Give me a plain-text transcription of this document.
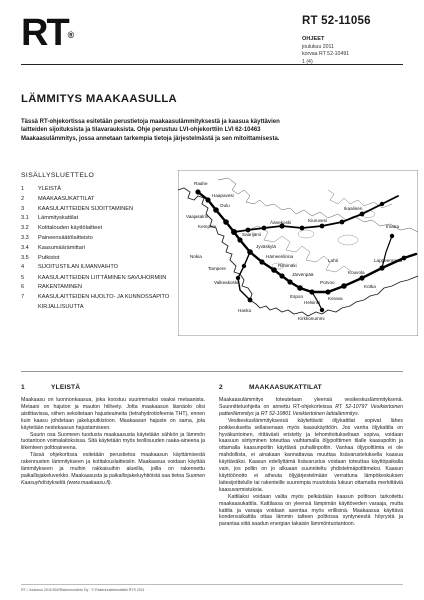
RT®
RT 52-11056
OHJEET
joulukuu 2011
korvaa RT 52-10491
1 (4)
LÄMMITYS MAAKAASULLA

Tässä RT-ohjekortissa esitetään perustietoja maakaasulämmityksestä ja kaasua käyttävien

laitteiden sijoituksista ja tilavarauksista. Ohje perustuu LVI-ohjekorttiin LVI 62-10463

Maakaasulämmitys, jossa annetaan tarkempia tietoja järjestelmästä ja sen mitoittamisesta.

SISÄLLYSLUETTELO
1	YLEISTÄ
2	MAAKAASUKATTILAT
3	KAASULAITTEIDEN SIJOITTAMINEN
3.1	Lämmityskattilat
3.2	Kotitalouden käyttölaitteet
3.3	Paineensäätölaitteisto
3.4	Kaasumäärämittari
3.5	Putkistot
4	SIJOITUSTILAN ILMANVAIHTO
5	KAASULAITTEIDEN LIITTÄMINEN SAVUHORMIIN
6	RAKENTAMINEN
7	KAASULAITTEIDEN HUOLTO- JA KUNNOSSAPITO
KIRJALLISUUTTA
Raahe
Haapavesi
Oulu
Vaajasalmi
Kempele
Saarijärvi
Äänekoski	Kiuruvesi
Jyväskylä
Hämeenlinna
Riihimäki
Järvenpää
Porvoo
Kouvola
Kotka
Lappeenranta
Imatra
Espoo
Helsinki
Kirkkonummi
Tampere
Valkeakoski
Lahti
Hanko
Kerava
Nokia
Ikaalinen
1	YLEISTÄ

Maakaasu on luonnonkaasua, joka koostuu suurimmaksi osaksi metaanista. Metaani on hajuton ja mauton hiilivety. Jotta maakaasun läsnäolo olisi aistittavissa, siihen sekoitetaan hajusteaineita (tetrahydrotiofeenia THT), ennen kuin kaasu johdetaan jakeluputkistoon. Maakaasun hajuste on sama, jota käytetään nestekaasun hajustamiseen.

Suurin osa Suomeen tuodusta maakaasusta käytetään sähkön ja lämmön tuotantoon voimalaitoksissa. Sitä käytetään myös teollisuuden raaka-aineena ja liikenteen polttoaineena.

Tässä ohjekortissa esitetään perustietoa maakaasun käyttämisestä rakennusten lämmitykseen ja kotitalouslaitteisiin. Maakaasua voidaan käyttää lämmitykseen ja muihin rakkaisuihin alueilla, joilla on rakennettu paikallisjakeluverkko. Maakaasusta ja paikallisjakeluyhtiöistä saa tietoa Suomen Kaasuyhdistykseltä (www.maakaasu.fi).

2	MAAKAASUKATTILAT

Maakaasulämmitys toteutetaan yleensä vesikeskuslämmityksenä. Suunnitteluohjeita on annettu RT-ohjekorteissa RT 52-10797 Vesikiertoinen patterilämmitys ja RT 52-10801 Vesikiertoinen lattialämmitys.

Vesikeskuslämmityksessä käytettävät öljykattilat sopivat lähes poikkeuksetta sellaisenaan myös kaasukäyttöön. Jos vanha öljykattila on hyväkuntoinen, riittävästi eristetty ja tehomitoitukseltaan sopiva, voidaan kaasuun siirtyminen toteuttaa vaihtamalla öljypolttimen tilalle kaasupoltin ja ottamalla kaasunpoltin käyttävä puhallinpoltin. Vanhaa öljypolttimia ei ole mahdollista, ei ainakaan kannattavaa muuttaa lisävarusteluksella kaasua käyttäväksi. Kaasun edellyttämä lisävarustus voidaan toteuttaa käyttöpaikalla vain, jos poltin on jo alkuaan suunniteltu yhdistelmäpolttimeksi. Kaasun käyttöönotto ei aiheuta öljyjärjestelmään verrattuna lämpökeskuksen laitesijoittelulle tai rakenteille suurempia muutoksia lukuun ottamatta merkittäviä kaasuvarmistuksia.

Kattilaksi voidaan valita myös pelkästään kaasun polttoon tarkoitettu maakaasukattila. Kattilassa on yleensä lämpimän käyttöveden varaaja, mutta kattila ja varaaja voidaan asentaa myös erillisinä. Maakaasua käyttävä kondenssikattila ottaa lämmin talteen polttossa syntyneestä höyrystä ja parantaa siitä saadun energian takaisin lämmöntuotantoon.

RT / Joulukuu 2011/900/Rakennustieto Oy · © Rakennustietosäätiö RTS 2011
